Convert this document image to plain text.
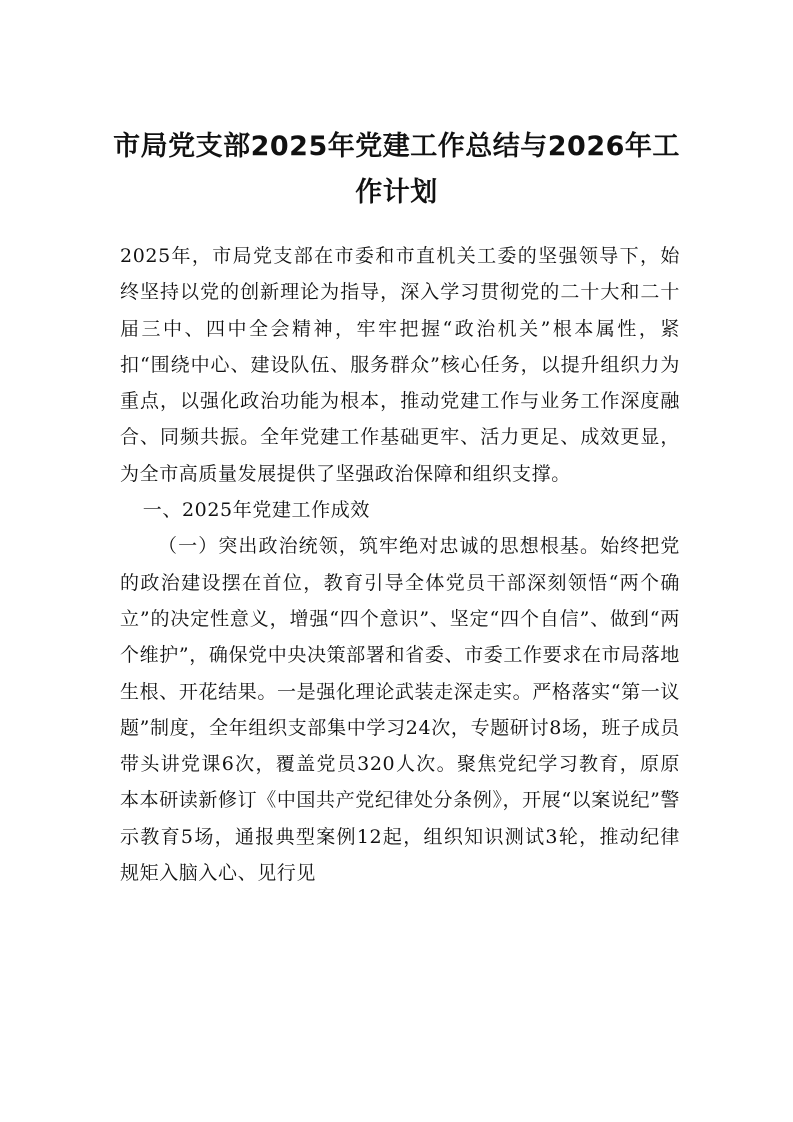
市局党支部2025年党建工作总结与2026年工作计划

2025年，市局党支部在市委和市直机关工委的坚强领导下，始终坚持以党的创新理论为指导，深入学习贯彻党的二十大和二十届三中、四中全会精神，牢牢把握“政治机关”根本属性，紧扣“围绕中心、建设队伍、服务群众”核心任务，以提升组织力为重点，以强化政治功能为根本，推动党建工作与业务工作深度融合、同频共振。全年党建工作基础更牢、活力更足、成效更显，为全市高质量发展提供了坚强政治保障和组织支撑。

一、2025年党建工作成效

（一）突出政治统领，筑牢绝对忠诚的思想根基。始终把党的政治建设摆在首位，教育引导全体党员干部深刻领悟“两个确立”的决定性意义，增强“四个意识”、坚定“四个自信”、做到“两个维护”，确保党中央决策部署和省委、市委工作要求在市局落地生根、开花结果。一是强化理论武装走深走实。严格落实“第一议题”制度，全年组织支部集中学习24次，专题研讨8场，班子成员带头讲党课6次，覆盖党员320人次。聚焦党纪学习教育，原原本本研读新修订《中国共产党纪律处分条例》，开展“以案说纪”警示教育5场，通报典型案例12起，组织知识测试3轮，推动纪律规矩入脑入心、见行见
